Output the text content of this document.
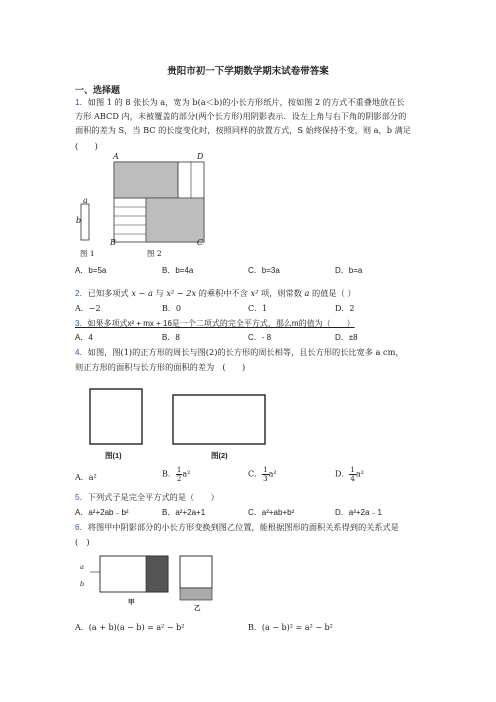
贵阳市初一下学期数学期末试卷带答案
一、选择题
1．如图 1 的 8 张长为 a，宽为 b(a＜b)的小长方形纸片，按如图 2 的方式不重叠地放在长
方形 ABCD 内，未被覆盖的部分(两个长方形)用阴影表示．设左上角与右下角的阴影部分的
面积的差为 S，当 BC 的长度变化时，按照同样的放置方式，S 始终保持不变，则 a，b 满足
(　　)
A	D
B	C
a
b
图 1	图 2
A．b=5a	B．b=4a	C．b=3a	D．b=a
2．已知多项式 x − a 与 x² − 2x 的乘积中不含 x² 项，则常数 a 的值是（ ）
A．−2	B．0	C．1	D．2
3．如果多项式x² + mx + 16是一个二项式的完全平方式，那么m的值为（　　）
A．4	B．8	C．- 8	D．±8
4．如图，图(1)的正方形的周长与图(2)的长方形的周长相等，且长方形的长比宽多 a cm，
则正方形的面积与长方形的面积的差为　(　　)
图(1)	图(2)
A．a²	B． $\frac{1}{2} a^2$	C． $\frac{1}{3} a^2$	D． $\frac{1}{4} a^2$
5．下列式子是完全平方式的是（　　）
A．a²+2ab﹣b²	B．a²+2a+1	C．a²+ab+b²	D．a²+2a﹣1
6．将图甲中阴影部分的小长方形变换到图乙位置，能根据图形的面积关系得到的关系式是
(　)
a
b
甲
乙
A．(a + b)(a − b) = a² − b²	B．(a − b)² = a² − b²
